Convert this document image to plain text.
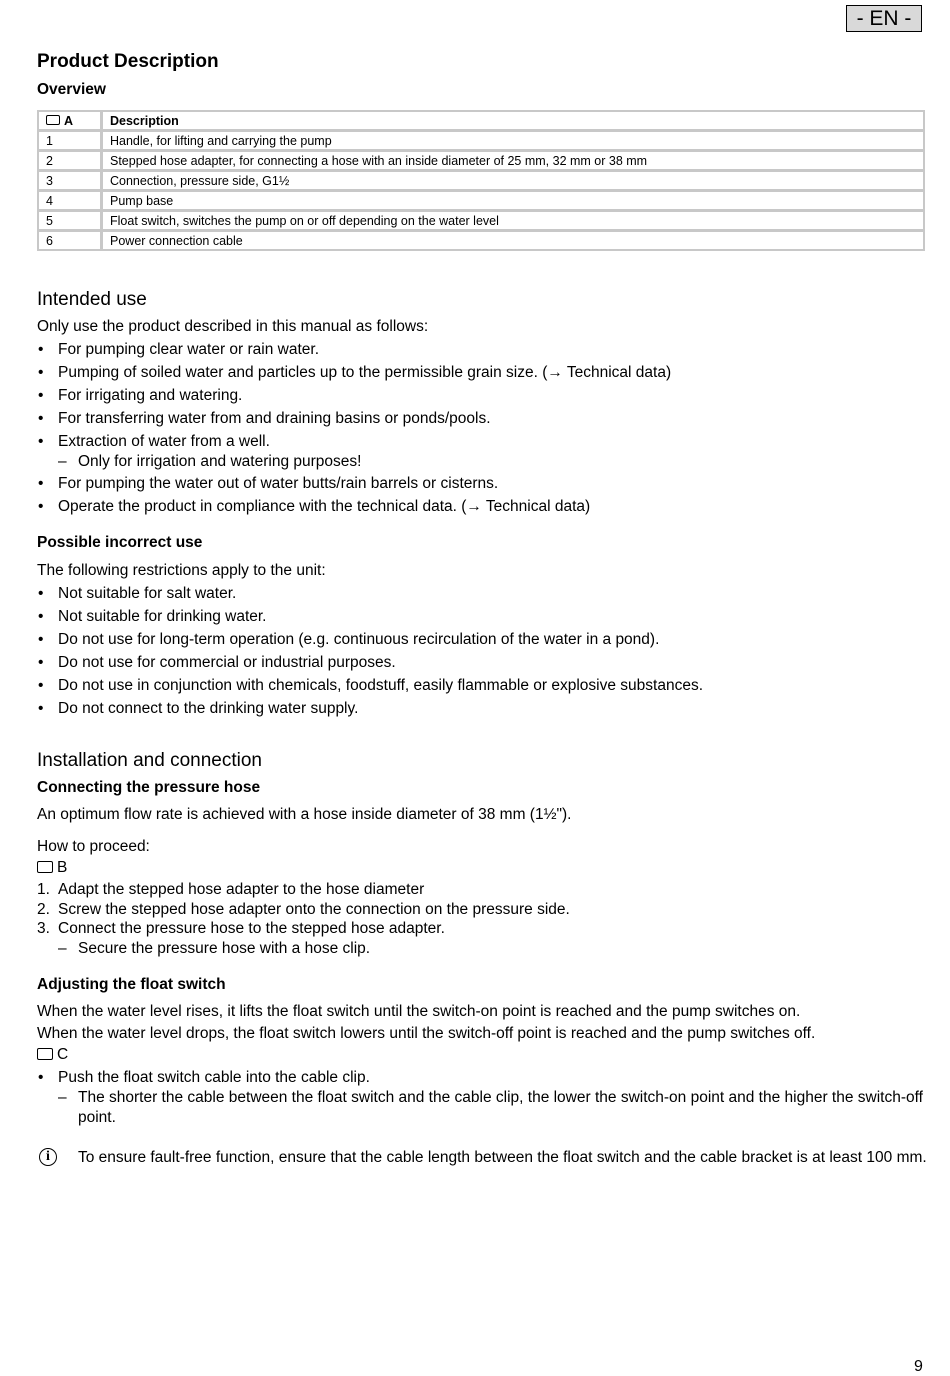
- EN -
Product Description
Overview
A	Description
1	Handle, for lifting and carrying the pump
2	Stepped hose adapter, for connecting a hose with an inside diameter of 25 mm, 32 mm or 38 mm
3	Connection, pressure side, G1½
4	Pump base
5	Float switch, switches the pump on or off depending on the water level
6	Power connection cable
Intended use
Only use the product described in this manual as follows:
• For pumping clear water or rain water.
• Pumping of soiled water and particles up to the permissible grain size. (→ Technical data)
• For irrigating and watering.
• For transferring water from and draining basins or ponds/pools.
• Extraction of water from a well.
– Only for irrigation and watering purposes!
• For pumping the water out of water butts/rain barrels or cisterns.
• Operate the product in compliance with the technical data. (→ Technical data)
Possible incorrect use
The following restrictions apply to the unit:
• Not suitable for salt water.
• Not suitable for drinking water.
• Do not use for long-term operation (e.g. continuous recirculation of the water in a pond).
• Do not use for commercial or industrial purposes.
• Do not use in conjunction with chemicals, foodstuff, easily flammable or explosive substances.
• Do not connect to the drinking water supply.
Installation and connection
Connecting the pressure hose
An optimum flow rate is achieved with a hose inside diameter of 38 mm (1½").
How to proceed:
B
1. Adapt the stepped hose adapter to the hose diameter
2. Screw the stepped hose adapter onto the connection on the pressure side.
3. Connect the pressure hose to the stepped hose adapter.
– Secure the pressure hose with a hose clip.
Adjusting the float switch
When the water level rises, it lifts the float switch until the switch-on point is reached and the pump switches on.
When the water level drops, the float switch lowers until the switch-off point is reached and the pump switches off.
C
• Push the float switch cable into the cable clip.
– The shorter the cable between the float switch and the cable clip, the lower the switch-on point and the higher the switch-off point.
i	To ensure fault-free function, ensure that the cable length between the float switch and the cable bracket is at least 100 mm.
9
